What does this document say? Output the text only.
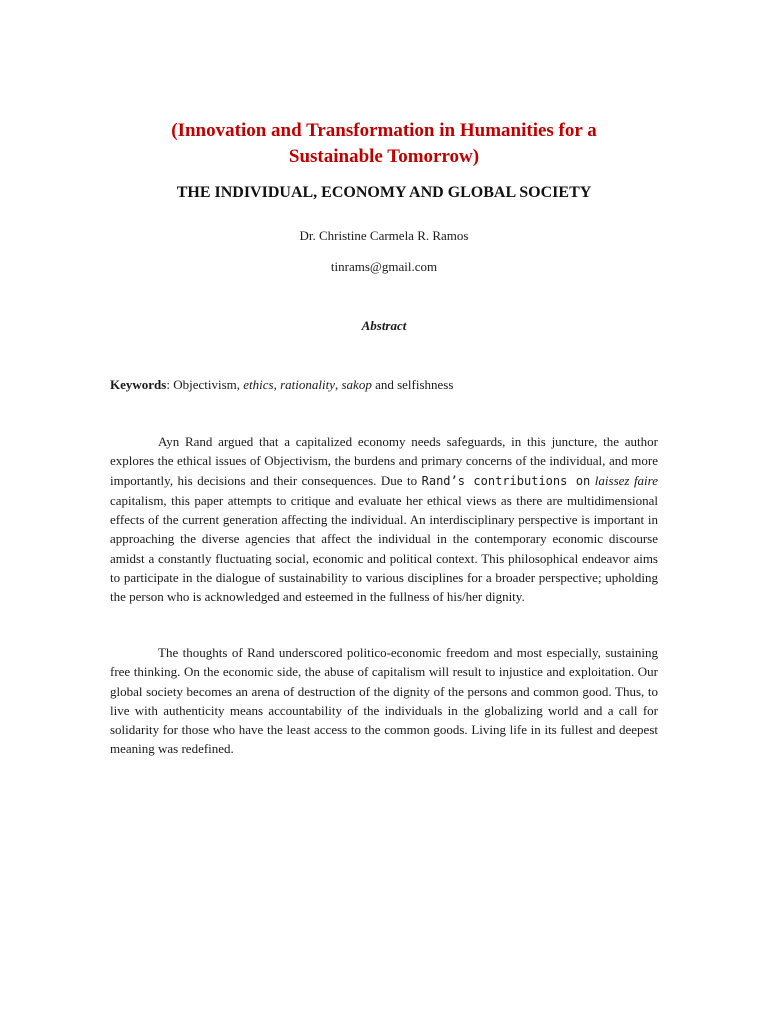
(Innovation and Transformation in Humanities for a
Sustainable Tomorrow)
THE INDIVIDUAL, ECONOMY AND GLOBAL SOCIETY
Dr. Christine Carmela R. Ramos
tinrams@gmail.com
Abstract
Keywords: Objectivism, ethics, rationality, sakop and selfishness

Ayn Rand argued that a capitalized economy needs safeguards, in this juncture, the author explores the ethical issues of Objectivism, the burdens and primary concerns of the individual, and more importantly, his decisions and their consequences. Due to Rand’s contributions on laissez faire capitalism, this paper attempts to critique and evaluate her ethical views as there are multidimensional effects of the current generation affecting the individual. An interdisciplinary perspective is important in approaching the diverse agencies that affect the individual in the contemporary economic discourse amidst a constantly fluctuating social, economic and political context. This philosophical endeavor aims to participate in the dialogue of sustainability to various disciplines for a broader perspective; upholding the person who is acknowledged and esteemed in the fullness of his/her dignity.

The thoughts of Rand underscored politico-economic freedom and most especially, sustaining free thinking. On the economic side, the abuse of capitalism will result to injustice and exploitation. Our global society becomes an arena of destruction of the dignity of the persons and common good. Thus, to live with authenticity means accountability of the individuals in the globalizing world and a call for solidarity for those who have the least access to the common goods. Living life in its fullest and deepest meaning was redefined.
